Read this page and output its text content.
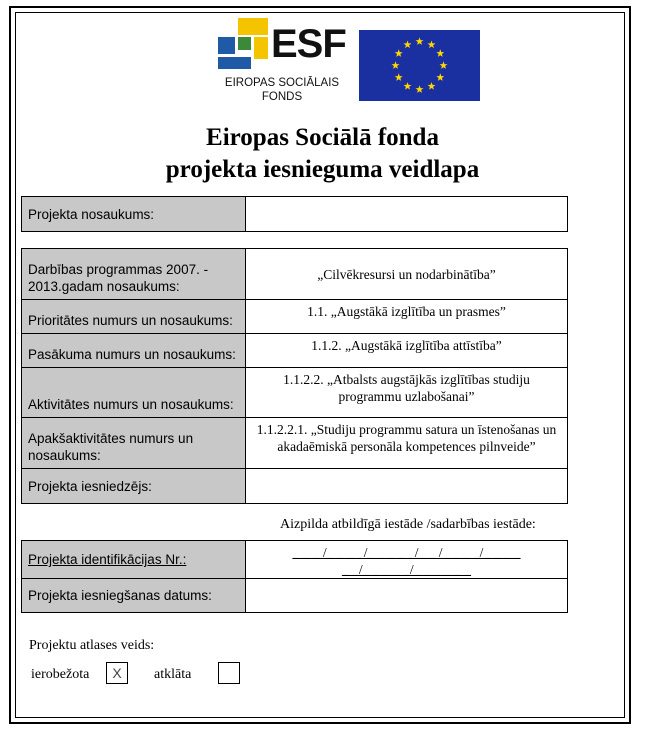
ESF
EIROPAS SOCIĀLAIS
FONDS
Eiropas Sociālā fonda
projekta iesnieguma veidlapa
Projekta nosaukums:	
Darbības programmas 2007. - 2013.gadam nosaukums:	„Cilvēkresursi un nodarbinātība”
Prioritātes numurs un nosaukums:	1.1. „Augstākā izglītība un prasmes”
Pasākuma numurs un nosaukums:	1.1.2. „Augstākā izglītība attīstība”
Aktivitātes numurs un nosaukums:	1.1.2.2. „Atbalsts augstājkās izglītības studiju programmu uzlabošanai”
Apakšaktivitātes numurs un nosaukums:	1.1.2.2.1. „Studiju programmu satura un īstenošanas un akadaēmiskā personāla kompetences pilnveide”
Projekta iesniedzējs:	
Aizpilda atbildīgā iestāde /sadarbības iestāde:
Projekta identifikācijas Nr.:	_ _ _ /_ _ _ _/_ _ _ _ _/_ _ /_ _ _ _/_ _ _ _
_ _/_ _ _ _ _/_ _ _ _ _ _

Projekta iesniegšanas datums:	
Projektu atlases veids:
ierobežota	X	atklāta
